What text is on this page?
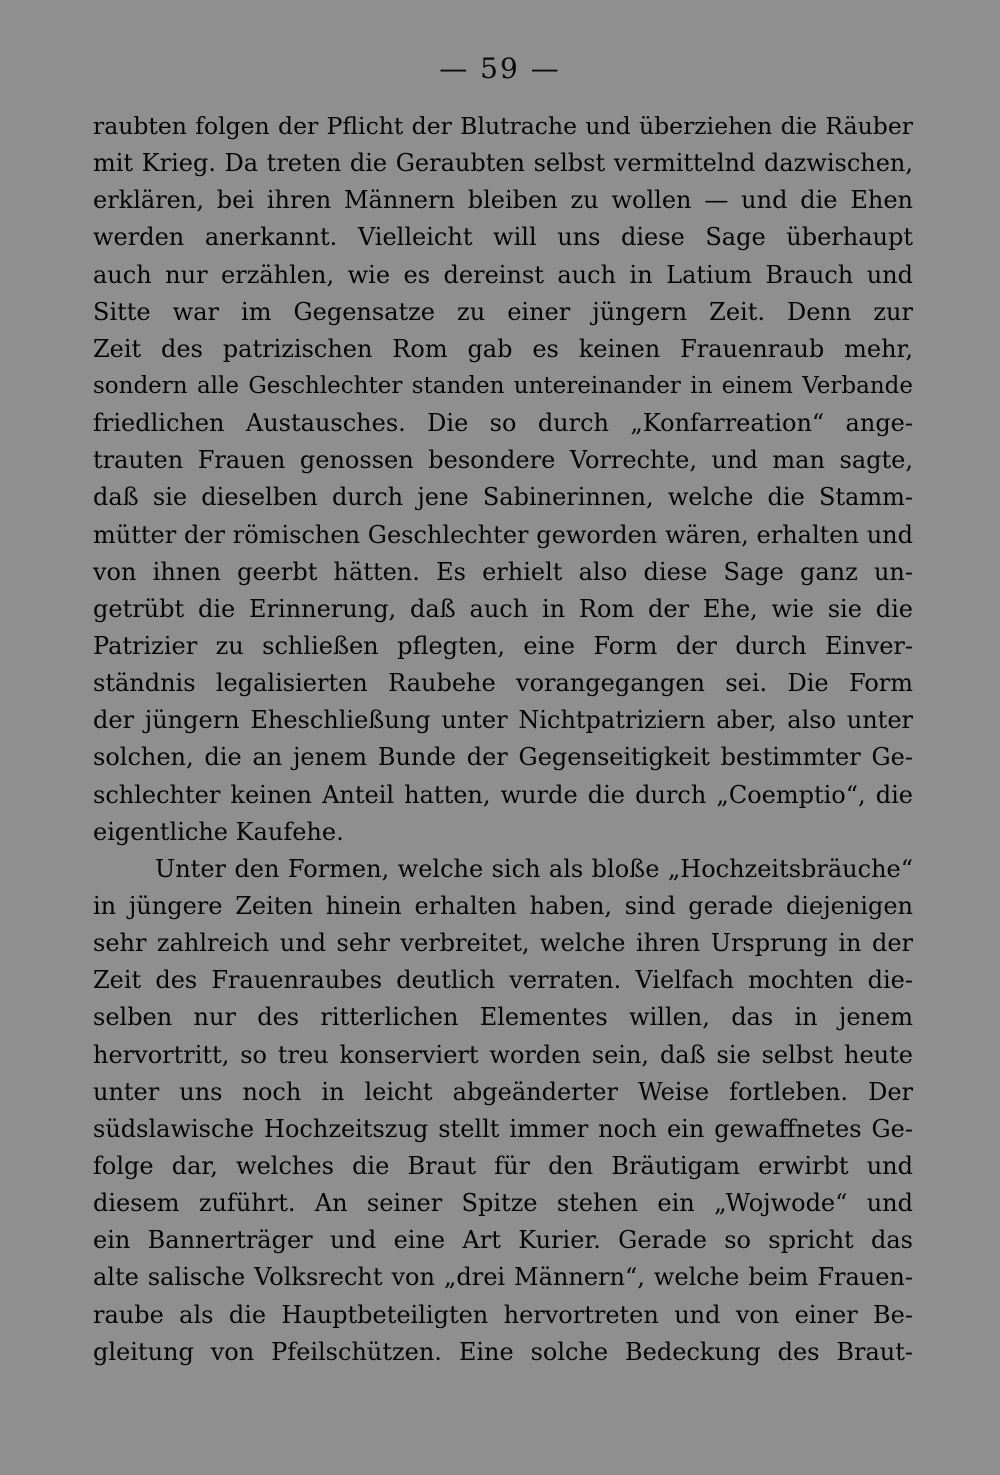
— 59 —
raubten folgen der Pflicht der Blutrache und überziehen die Räuber
mit Krieg. Da treten die Geraubten selbst vermittelnd dazwischen,
erklären, bei ihren Männern bleiben zu wollen — und die Ehen
werden anerkannt. Vielleicht will uns diese Sage überhaupt
auch nur erzählen, wie es dereinst auch in Latium Brauch und
Sitte war im Gegensatze zu einer jüngern Zeit. Denn zur
Zeit des patrizischen Rom gab es keinen Frauenraub mehr,
sondern alle Geschlechter standen untereinander in einem Verbande
friedlichen Austausches. Die so durch „Konfarreation“ ange-
trauten Frauen genossen besondere Vorrechte, und man sagte,
daß sie dieselben durch jene Sabinerinnen, welche die Stamm-
mütter der römischen Geschlechter geworden wären, erhalten und
von ihnen geerbt hätten. Es erhielt also diese Sage ganz un-
getrübt die Erinnerung, daß auch in Rom der Ehe, wie sie die
Patrizier zu schließen pflegten, eine Form der durch Einver-
ständnis legalisierten Raubehe vorangegangen sei. Die Form
der jüngern Eheschließung unter Nichtpatriziern aber, also unter
solchen, die an jenem Bunde der Gegenseitigkeit bestimmter Ge-
schlechter keinen Anteil hatten, wurde die durch „Coemptio“, die
eigentliche Kaufehe.
Unter den Formen, welche sich als bloße „Hochzeitsbräuche“
in jüngere Zeiten hinein erhalten haben, sind gerade diejenigen
sehr zahlreich und sehr verbreitet, welche ihren Ursprung in der
Zeit des Frauenraubes deutlich verraten. Vielfach mochten die-
selben nur des ritterlichen Elementes willen, das in jenem
hervortritt, so treu konserviert worden sein, daß sie selbst heute
unter uns noch in leicht abgeänderter Weise fortleben. Der
südslawische Hochzeitszug stellt immer noch ein gewaffnetes Ge-
folge dar, welches die Braut für den Bräutigam erwirbt und
diesem zuführt. An seiner Spitze stehen ein „Wojwode“ und
ein Bannerträger und eine Art Kurier. Gerade so spricht das
alte salische Volksrecht von „drei Männern“, welche beim Frauen-
raube als die Hauptbeteiligten hervortreten und von einer Be-
gleitung von Pfeilschützen. Eine solche Bedeckung des Braut-
